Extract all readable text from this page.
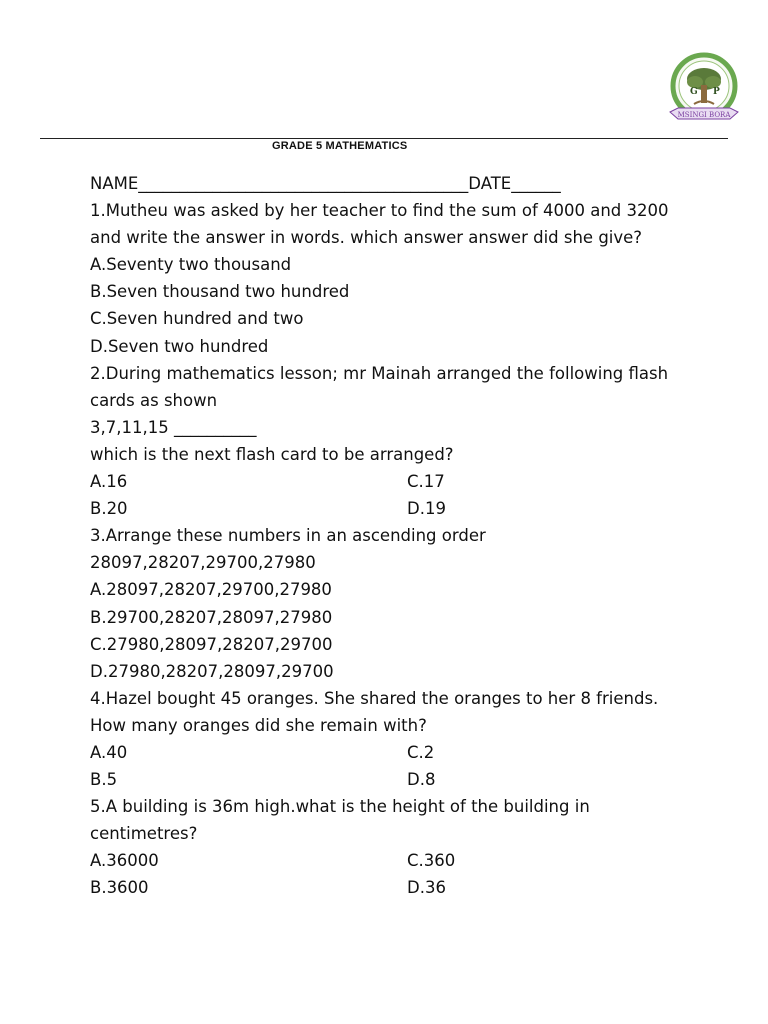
G P
MSINGI BORA
GRADE 5 MATHEMATICS
NAME________________________________________DATE______
1.Mutheu was asked by her teacher to find the sum of 4000 and 3200
and write the answer in words. which answer answer did she give?
A.Seventy two thousand
B.Seven thousand two hundred
C.Seven hundred and two
D.Seven two hundred
2.During mathematics lesson; mr Mainah arranged the following flash
cards as shown
3,7,11,15 __________
which is the next flash card to be arranged?
A.16	C.17
B.20	D.19
3.Arrange these numbers in an ascending order
28097,28207,29700,27980
A.28097,28207,29700,27980
B.29700,28207,28097,27980
C.27980,28097,28207,29700
D.27980,28207,28097,29700
4.Hazel bought 45 oranges. She shared the oranges to her 8 friends.
How many oranges did she remain with?
A.40	C.2
B.5	D.8
5.A building is 36m high.what is the height of the building in
centimetres?
A.36000	C.360
B.3600	D.36
